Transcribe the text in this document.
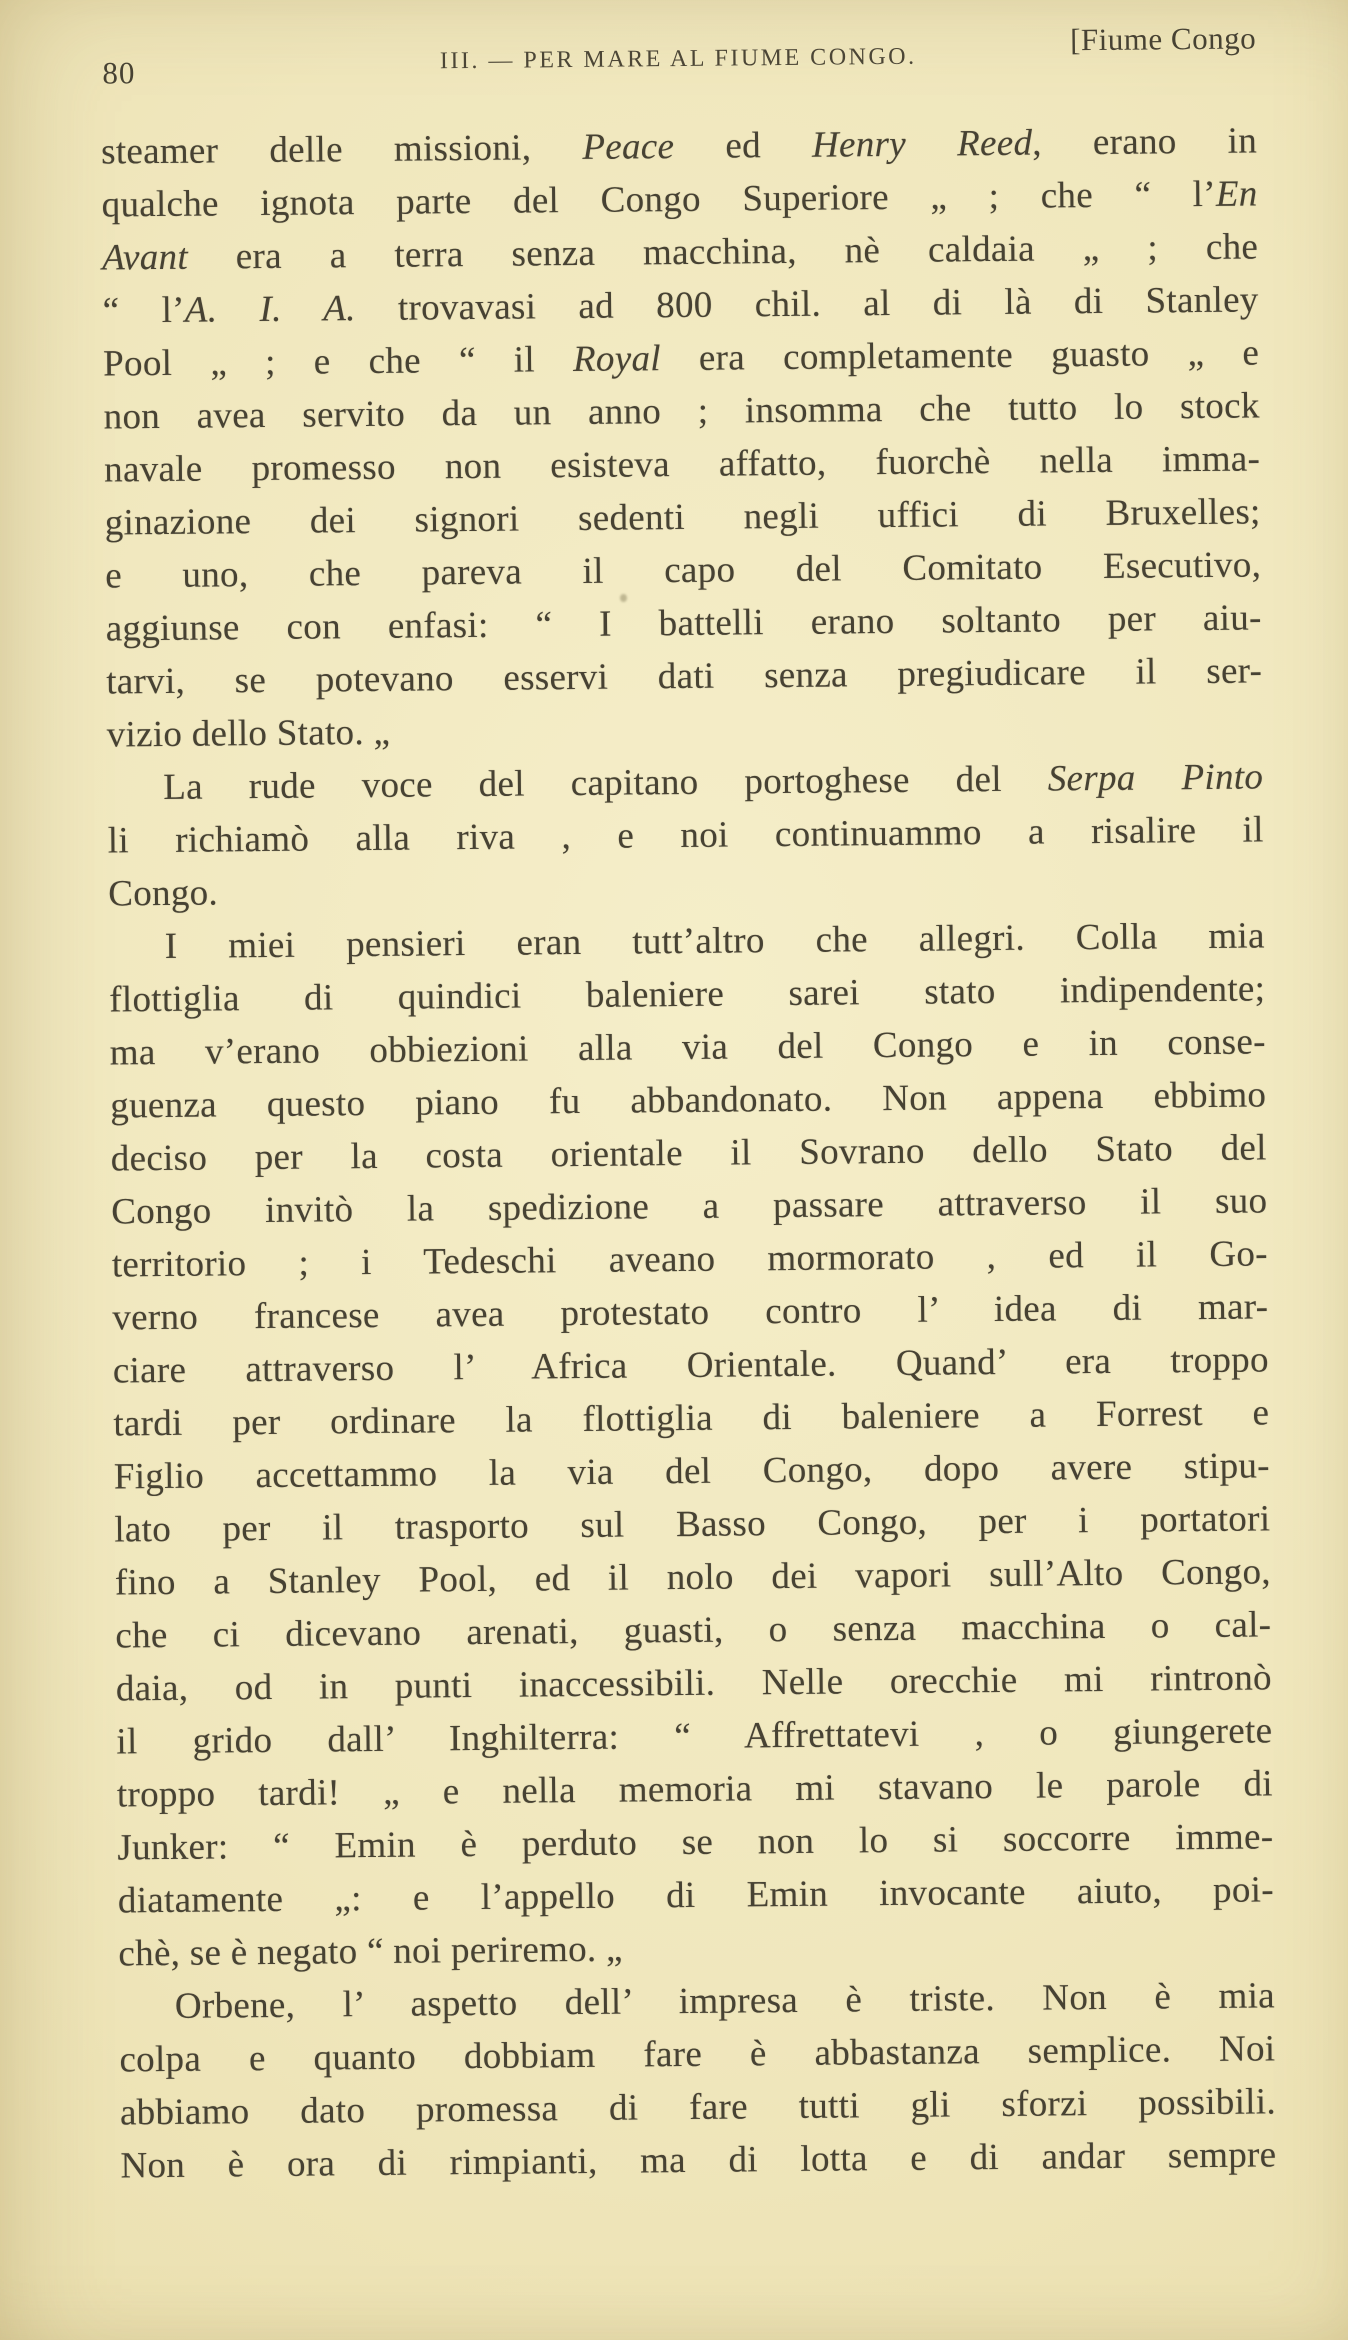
80	III. — PER MARE AL FIUME CONGO.
[Fiume Congo
steamer delle missioni, Peace ed Henry Reed, erano in
qualche ignota parte del Congo Superiore „ ; che “ l’En
Avant era a terra senza macchina, nè caldaia „ ; che
“ l’A. I. A. trovavasi ad 800 chil. al di là di Stanley
Pool „ ; e che “ il Royal era completamente guasto „ e
non avea servito da un anno ; insomma che tutto lo stock
navale promesso non esisteva affatto, fuorchè nella imma-
ginazione dei signori sedenti negli uffici di Bruxelles;
e uno, che pareva il capo del Comitato Esecutivo,
aggiunse con enfasi: “ I battelli erano soltanto per aiu-
tarvi, se potevano esservi dati senza pregiudicare il ser-
vizio dello Stato. „
La rude voce del capitano portoghese del Serpa Pinto
li richiamò alla riva , e noi continuammo a risalire il
Congo.
I miei pensieri eran tutt’altro che allegri. Colla mia
flottiglia di quindici baleniere sarei stato indipendente;
ma v’erano obbiezioni alla via del Congo e in conse-
guenza questo piano fu abbandonato. Non appena ebbimo
deciso per la costa orientale il Sovrano dello Stato del
Congo invitò la spedizione a passare attraverso il suo
territorio ; i Tedeschi aveano mormorato , ed il Go-
verno francese avea protestato contro l’ idea di mar-
ciare attraverso l’ Africa Orientale. Quand’ era troppo
tardi per ordinare la flottiglia di baleniere a Forrest e
Figlio accettammo la via del Congo, dopo avere stipu-
lato per il trasporto sul Basso Congo, per i portatori
fino a Stanley Pool, ed il nolo dei vapori sull’Alto Congo,
che ci dicevano arenati, guasti, o senza macchina o cal-
daia, od in punti inaccessibili. Nelle orecchie mi rintronò
il grido dall’ Inghilterra: “ Affrettatevi , o giungerete
troppo tardi! „ e nella memoria mi stavano le parole di
Junker: “ Emin è perduto se non lo si soccorre imme-
diatamente „: e l’appello di Emin invocante aiuto, poi-
chè, se è negato “ noi periremo. „
Orbene, l’ aspetto dell’ impresa è triste. Non è mia
colpa e quanto dobbiam fare è abbastanza semplice. Noi
abbiamo dato promessa di fare tutti gli sforzi possibili.
Non è ora di rimpianti, ma di lotta e di andar sempre
